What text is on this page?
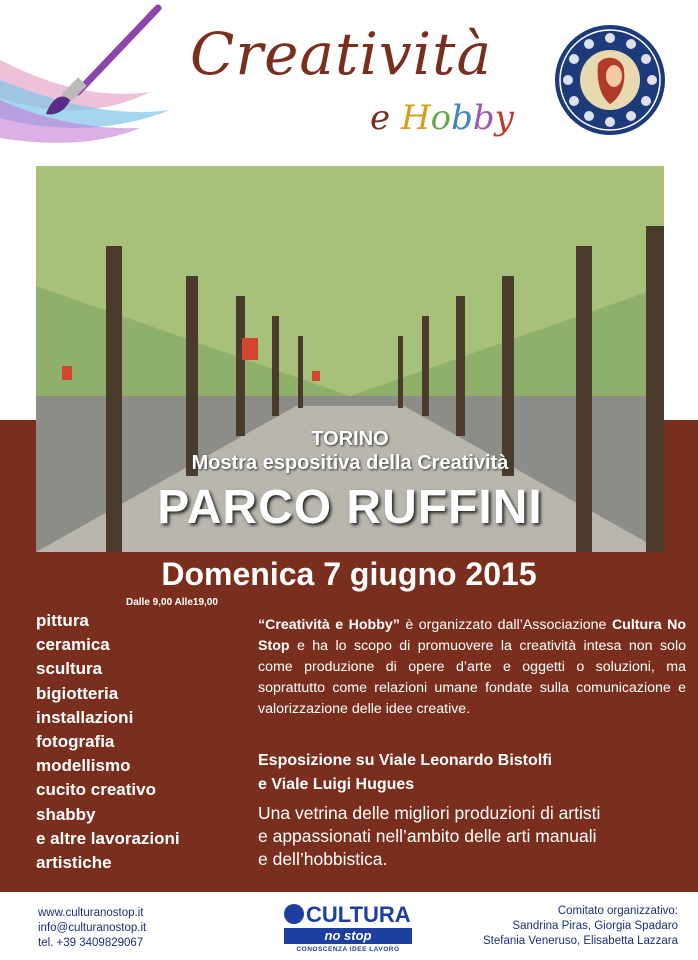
Creatività
e Hobby
TORINO
Mostra espositiva della Creatività
PARCO RUFFINI
Domenica 7 giugno 2015
Dalle 9,00 Alle19,00
pittura
ceramica
scultura
bigiotteria
installazioni
fotografia
modellismo
cucito creativo
shabby
e altre lavorazioni
artistiche
“Creatività e Hobby” è organizzato dall’Associazione Cultura No Stop e ha lo scopo di promuovere la creatività intesa non solo come produzione di opere d’arte e oggetti o soluzioni, ma soprattutto come relazioni umane fondate sulla comunicazione e valorizzazione delle idee creative.
Esposizione su Viale Leonardo Bistolfi
e Viale Luigi Hugues
Una vetrina delle migliori produzioni di artisti
e appassionati nell’ambito delle arti manuali
e dell’hobbistica.
www.culturanostop.it
info@culturanostop.it
tel. +39 3409829067
CULTURA
no stop
CONOSCENZA IDEE LAVORO
Comitato organizzativo:
Sandrina Piras, Giorgia Spadaro
Stefania Veneruso, Elisabetta Lazzara
